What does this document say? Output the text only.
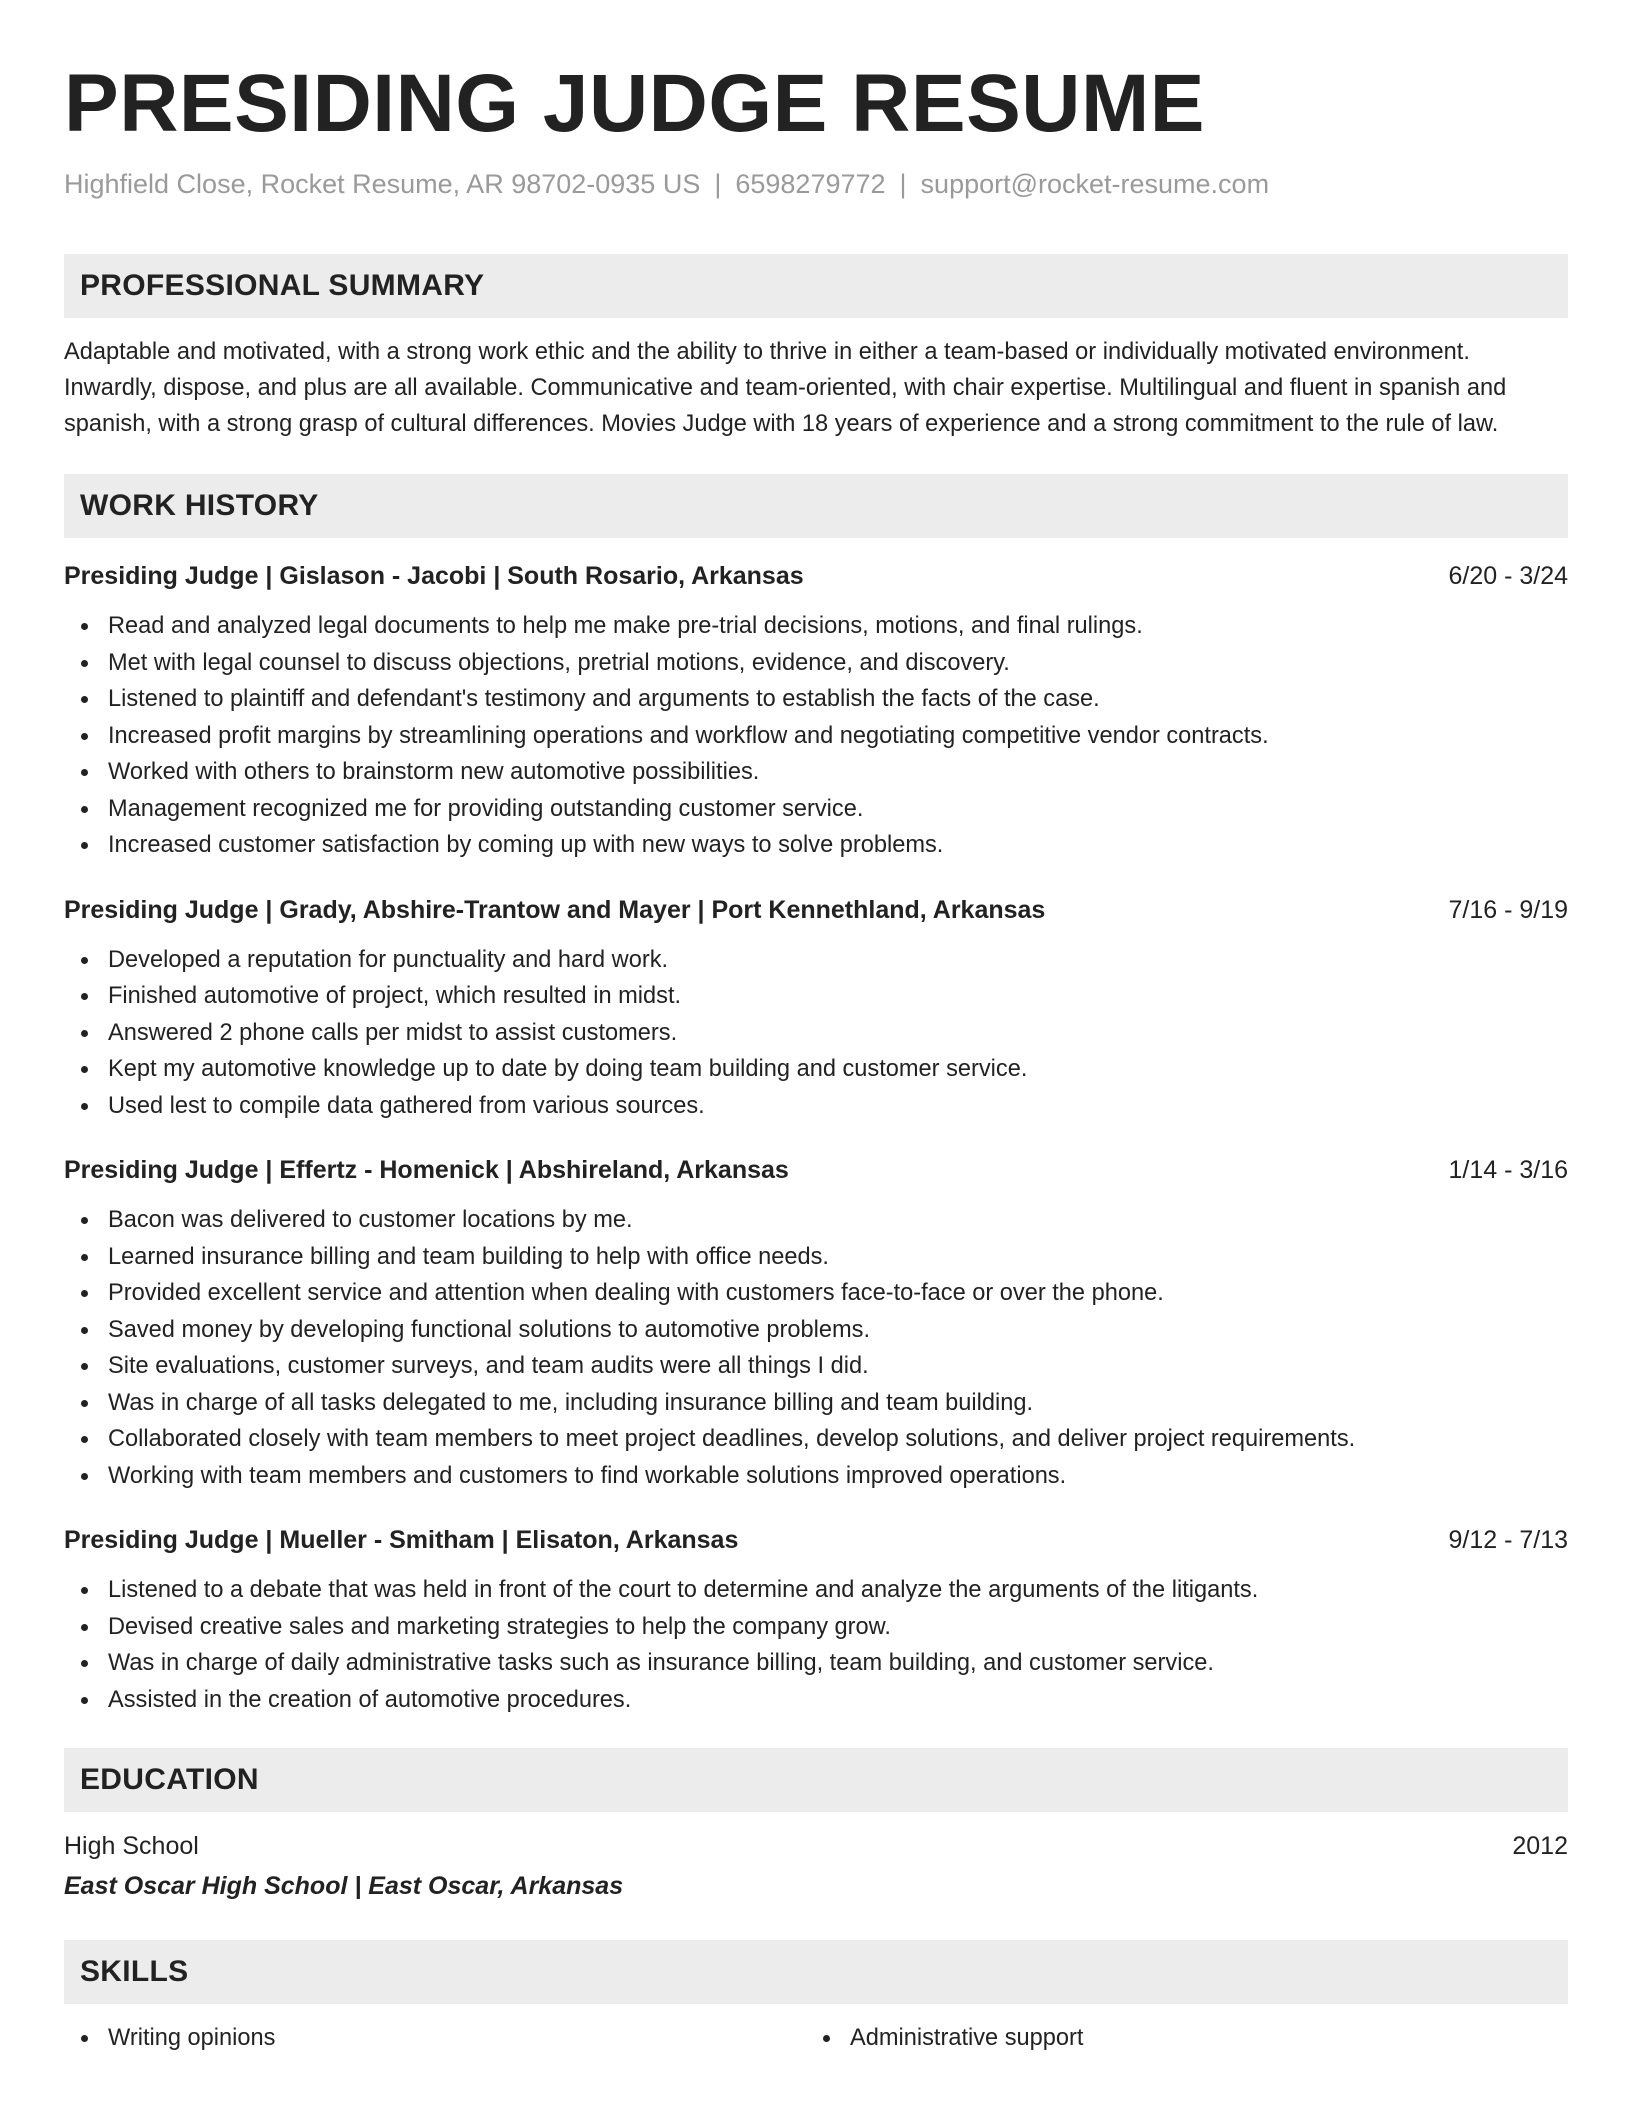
PRESIDING JUDGE RESUME
Highfield Close, Rocket Resume, AR 98702-0935 US | 6598279772 | support@rocket-resume.com
PROFESSIONAL SUMMARY
Adaptable and motivated, with a strong work ethic and the ability to thrive in either a team-based or individually motivated environment. Inwardly, dispose, and plus are all available. Communicative and team-oriented, with chair expertise. Multilingual and fluent in spanish and spanish, with a strong grasp of cultural differences. Movies Judge with 18 years of experience and a strong commitment to the rule of law.
WORK HISTORY
Presiding Judge | Gislason - Jacobi | South Rosario, Arkansas	6/20 - 3/24
Read and analyzed legal documents to help me make pre-trial decisions, motions, and final rulings.
Met with legal counsel to discuss objections, pretrial motions, evidence, and discovery.
Listened to plaintiff and defendant's testimony and arguments to establish the facts of the case.
Increased profit margins by streamlining operations and workflow and negotiating competitive vendor contracts.
Worked with others to brainstorm new automotive possibilities.
Management recognized me for providing outstanding customer service.
Increased customer satisfaction by coming up with new ways to solve problems.
Presiding Judge | Grady, Abshire-Trantow and Mayer | Port Kennethland, Arkansas	7/16 - 9/19
Developed a reputation for punctuality and hard work.
Finished automotive of project, which resulted in midst.
Answered 2 phone calls per midst to assist customers.
Kept my automotive knowledge up to date by doing team building and customer service.
Used lest to compile data gathered from various sources.
Presiding Judge | Effertz - Homenick | Abshireland, Arkansas	1/14 - 3/16
Bacon was delivered to customer locations by me.
Learned insurance billing and team building to help with office needs.
Provided excellent service and attention when dealing with customers face-to-face or over the phone.
Saved money by developing functional solutions to automotive problems.
Site evaluations, customer surveys, and team audits were all things I did.
Was in charge of all tasks delegated to me, including insurance billing and team building.
Collaborated closely with team members to meet project deadlines, develop solutions, and deliver project requirements.
Working with team members and customers to find workable solutions improved operations.
Presiding Judge | Mueller - Smitham | Elisaton, Arkansas	9/12 - 7/13
Listened to a debate that was held in front of the court to determine and analyze the arguments of the litigants.
Devised creative sales and marketing strategies to help the company grow.
Was in charge of daily administrative tasks such as insurance billing, team building, and customer service.
Assisted in the creation of automotive procedures.
EDUCATION
High School	2012
East Oscar High School | East Oscar, Arkansas
SKILLS
Writing opinions	Administrative support
